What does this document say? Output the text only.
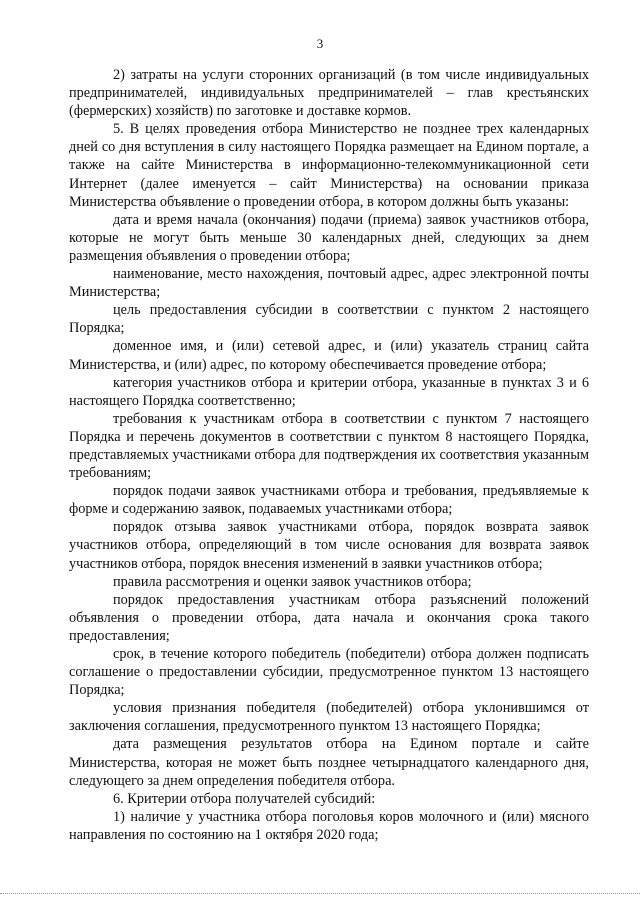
3

2) затраты на услуги сторонних организаций (в том числе индивидуальных предпринимателей, индивидуальных предпринимателей – глав крестьянских (фермерских) хозяйств) по заготовке и доставке кормов.

5. В целях проведения отбора Министерство не позднее трех календарных дней со дня вступления в силу настоящего Порядка размещает на Едином портале, а также на сайте Министерства в информационно-телекоммуникационной сети Интернет (далее именуется – сайт Министерства) на основании приказа Министерства объявление о проведении отбора, в котором должны быть указаны:

дата и время начала (окончания) подачи (приема) заявок участников отбора, которые не могут быть меньше 30 календарных дней, следующих за днем размещения объявления о проведении отбора;

наименование, место нахождения, почтовый адрес, адрес электронной почты Министерства;

цель предоставления субсидии в соответствии с пунктом 2 настоящего Порядка;

доменное имя, и (или) сетевой адрес, и (или) указатель страниц сайта Министерства, и (или) адрес, по которому обеспечивается проведение отбора;

категория участников отбора и критерии отбора, указанные в пунктах 3 и 6 настоящего Порядка соответственно;

требования к участникам отбора в соответствии с пунктом 7 настоящего Порядка и перечень документов в соответствии с пунктом 8 настоящего Порядка, представляемых участниками отбора для подтверждения их соответствия указанным требованиям;

порядок подачи заявок участниками отбора и требования, предъявляемые к форме и содержанию заявок, подаваемых участниками отбора;

порядок отзыва заявок участниками отбора, порядок возврата заявок участников отбора, определяющий в том числе основания для возврата заявок участников отбора, порядок внесения изменений в заявки участников отбора;

правила рассмотрения и оценки заявок участников отбора;

порядок предоставления участникам отбора разъяснений положений объявления о проведении отбора, дата начала и окончания срока такого предоставления;

срок, в течение которого победитель (победители) отбора должен подписать соглашение о предоставлении субсидии, предусмотренное пунктом 13 настоящего Порядка;

условия признания победителя (победителей) отбора уклонившимся от заключения соглашения, предусмотренного пунктом 13 настоящего Порядка;

дата размещения результатов отбора на Едином портале и сайте Министерства, которая не может быть позднее четырнадцатого календарного дня, следующего за днем определения победителя отбора.

6. Критерии отбора получателей субсидий:

1) наличие у участника отбора поголовья коров молочного и (или) мясного направления по состоянию на 1 октября 2020 года;
